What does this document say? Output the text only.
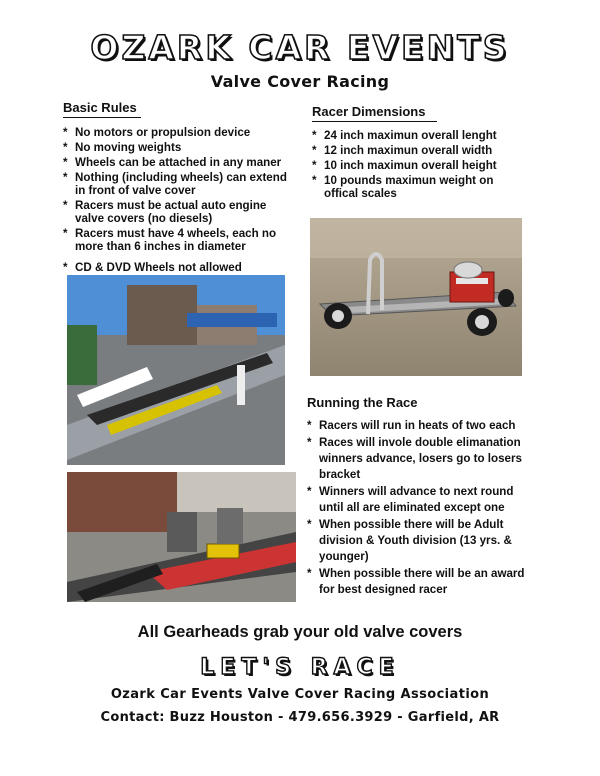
OZARK CAR EVENTS
Valve Cover Racing
Basic Rules
* No motors or propulsion device
* No moving weights
* Wheels can be attached in any maner
* Nothing (including wheels) can extend in front of valve cover
* Racers must be actual auto engine valve covers (no diesels)
* Racers must have 4 wheels, each no more than 6 inches in diameter
* CD & DVD Wheels not allowed
Racer Dimensions
* 24 inch maximun overall lenght
* 12 inch maximun overall width
* 10 inch maximun overall height
* 10 pounds maximun weight on offical scales
Running the Race
* Racers will run in heats of two each
* Races will invole double elimanation winners advance, losers go to losers bracket
* Winners will advance to next round until all are eliminated except one
* When possible there will be Adult division & Youth division (13 yrs. & younger)
* When possible there will be an award for best designed racer
All Gearheads grab your old valve covers
LET'S RACE
Ozark Car Events Valve Cover Racing Association
Contact: Buzz Houston - 479.656.3929 - Garfield, AR
